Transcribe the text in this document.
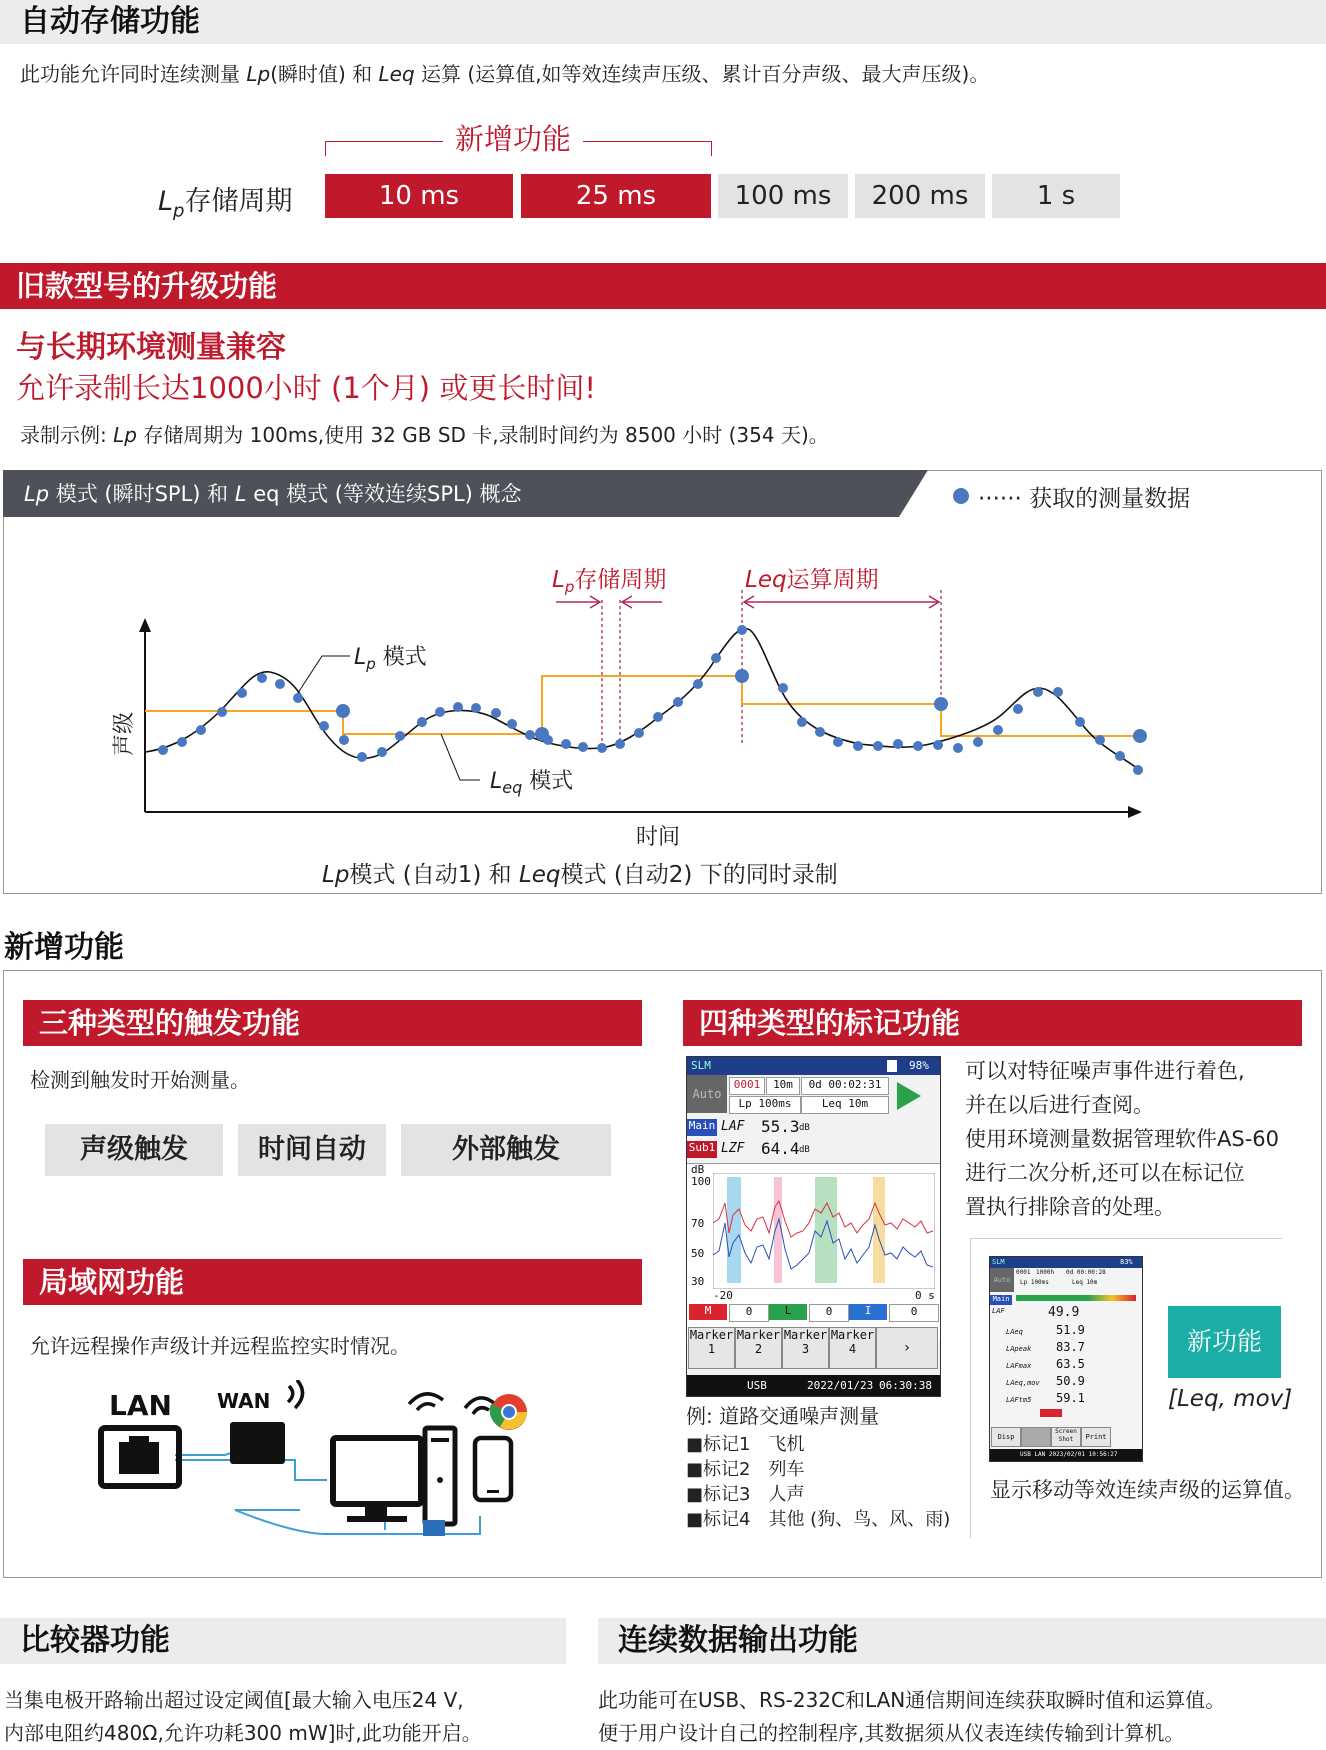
自动存储功能
此功能允许同时连续测量 Lp(瞬时值) 和 Leq 运算 (运算值,如等效连续声压级、累计百分声级、最大声压级)。
新增功能
$L_p$存储周期	10 ms	25 ms	100 ms	200 ms	1 s
旧款型号的升级功能
与长期环境测量兼容
允许录制长达1000小时 (1个月) 或更长时间!
录制示例: Lp 存储周期为 100ms,使用 32 GB SD 卡,录制时间约为 8500 小时 (354 天)。
Lp 模式 (瞬时SPL) 和 L eq 模式 (等效连续SPL) 概念	······ 获取的测量数据
$L_p$存储周期	Leq运算周期
$L_p$ 模式
$L_{eq}$ 模式
声级
时间
Lp模式 (自动1) 和 Leq模式 (自动2) 下的同时录制
新增功能
三种类型的触发功能
检测到触发时开始测量。
声级触发	时间自动	外部触发
局域网功能
允许远程操作声级计并远程监控实时情况。
LAN WAN
四种类型的标记功能
SLM	98%
Auto
0001	10m	0d 00:02:31
Lp 100ms	Leq 10m
Main LAF 55.3 dB
Sub1 LZF 64.4 dB
dB
100
70
50
30
-20	0 s
M	0	L	0	I	0
Marker
1
Marker
2
Marker
3
Marker
4	›
USB	2022/01/23 06:30:38
可以对特征噪声事件进行着色,
并在以后进行查阅。
使用环境测量数据管理软件AS-60
进行二次分析,还可以在标记位
置执行排除音的处理。
例: 道路交通噪声测量
■标记1　飞机
■标记2　列车
■标记3　人声
■标记4　其他 (狗、鸟、风、雨)
SLM	83%
Auto
0001 1000h 0d 00:00:28
Lp 100ms	Leq 10m
Main
LAF	49.9
LAeq	51.9
LApeak 83.7
LAFmax 63.5
LAeq,mov 50.9
LAFtm5 59.1
Disp
Screen
Shot	Print
USB LAN 2023/02/01 10:56:27
新功能
[Leq, mov]
显示移动等效连续声级的运算值。
比较器功能
当集电极开路输出超过设定阈值[最大输入电压24 V,
内部电阻约480Ω,允许功耗300 mW]时,此功能开启。
连续数据输出功能
此功能可在USB、RS-232C和LAN通信期间连续获取瞬时值和运算值。
便于用户设计自己的控制程序,其数据须从仪表连续传输到计算机。
